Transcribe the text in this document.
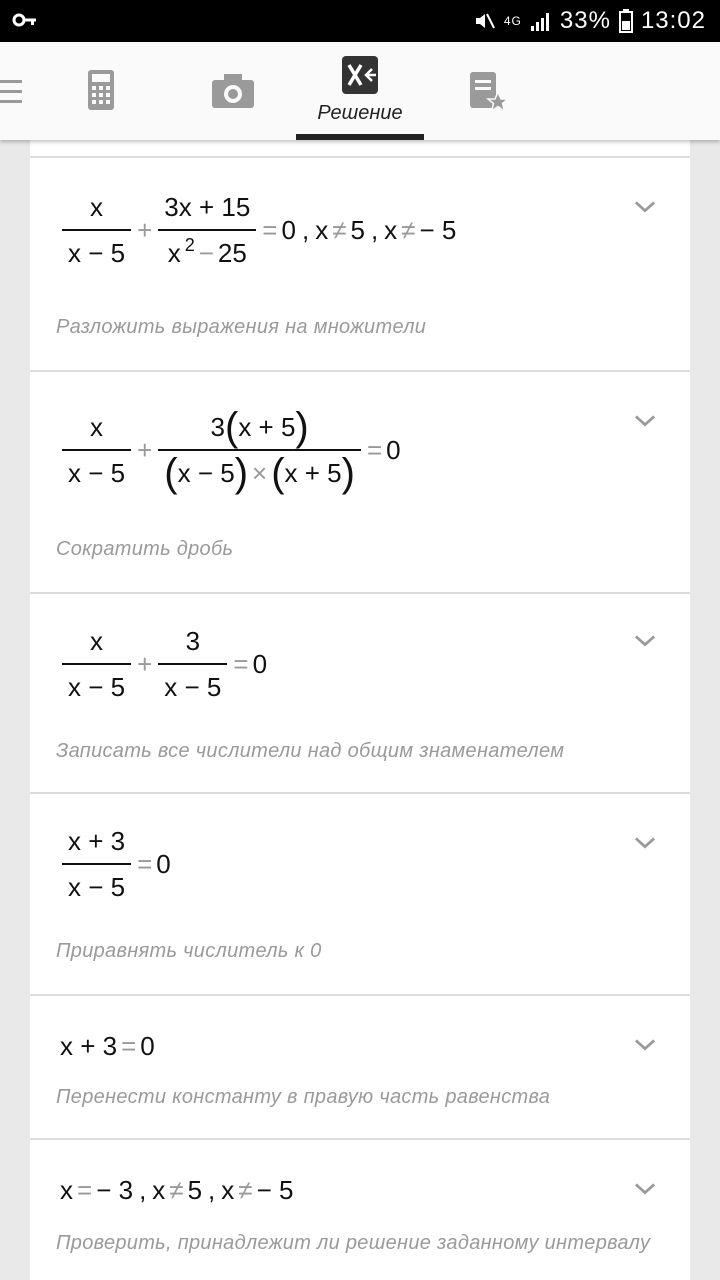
4G 33% 13:02
Решение
$\frac{x}{x - 5} + \frac{3x + 15}{x^2 - 25} = 0$ , x ≠ 5 , x ≠ − 5
Разложить выражения на множители
$\frac{x}{x - 5} + \frac{3 ( x + 5 )}{( x - 5 ) \times ( x + 5 )} = 0$
Сократить дробь
$\frac{x}{x - 5} + \frac{3}{x - 5} = 0$
Записать все числители над общим знаменателем
$\frac{x + 3}{x - 5} = 0$
Приравнять числитель к 0
x + 3 = 0
Перенести константу в правую часть равенства
x = − 3 , x ≠ 5 , x ≠ − 5
Проверить, принадлежит ли решение заданному интервалу
